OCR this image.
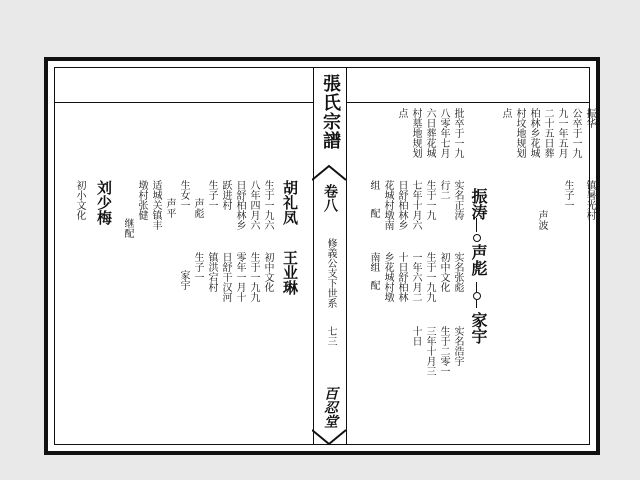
張氏宗譜
卷八
修義公支下世系
七三
百忍堂
振华
公卒于一九
九一年五月
二十五日葬
柏林乡花城
村坟地规划
点
镇暑光村
生子一
声波
振涛
声彪
家宇
批卒于一九
八零年七月
六日葬花城
村墓地规划
点
实名正涛
行二
生于一九
七年十月六
日舒柏林乡
花城村墩南
组
配
实名张彪
初中文化
生于一九九
一年六月二
十日舒柏林
乡花城村墩
南组
配
实名浩宇
生于二零一
三年十月三
十日
胡礼凤
王业琳
生于一九六
八年四月六
日舒柏林乡
跃进村
生子一
声彪
生女一
声平
适城关镇丰
墩村张健
继配
初中文化
生于一九九
零年一月十
日舒干汉河
镇洪宕村
生子一
家宇
刘少梅
初小文化
